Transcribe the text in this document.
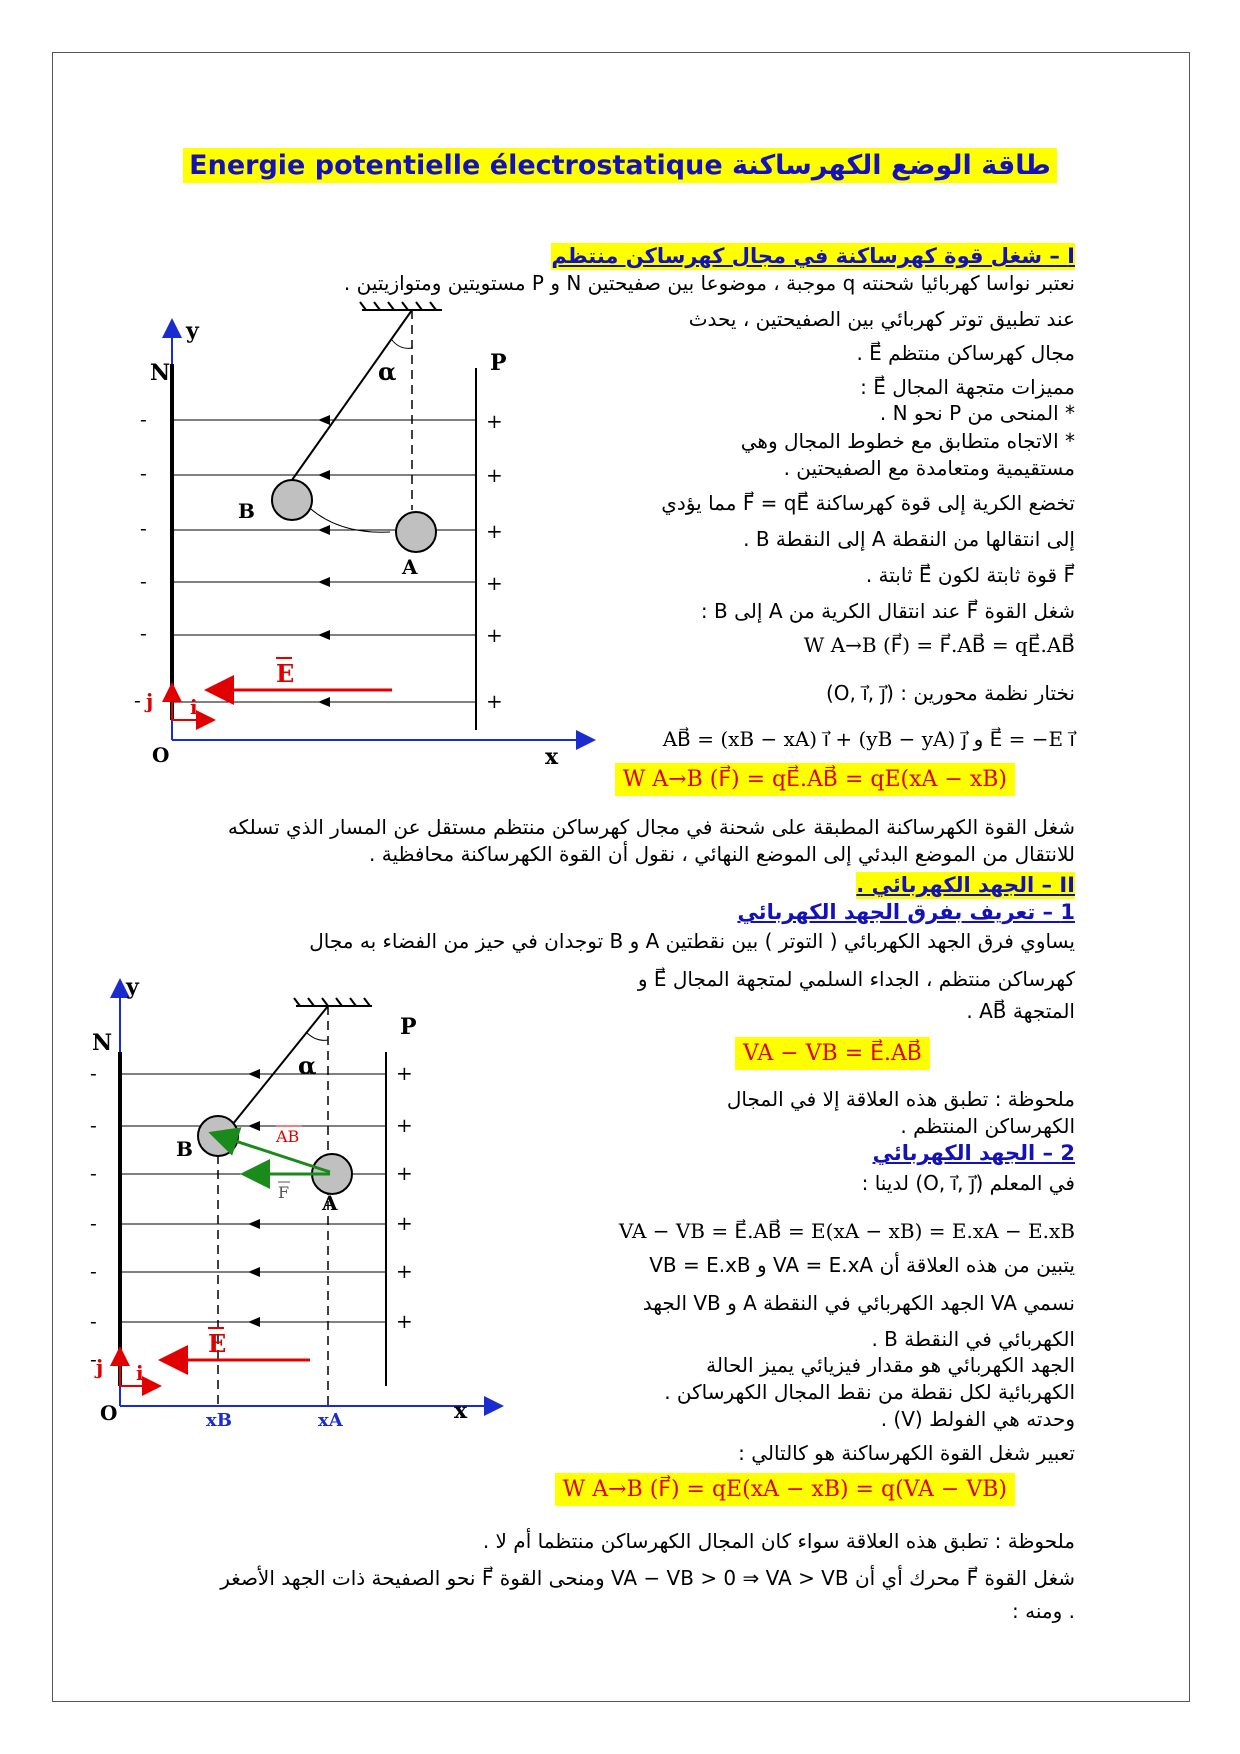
Energie potentielle électrostatique طاقة الوضع الكهرساكنة
I – شغل قوة كهرساكنة في مجال كهرساكن منتظم
نعتبر نواسا كهربائيا شحنته q موجبة ، موضوعا بين صفيحتين N و P مستويتين ومتوازيتين .
عند تطبيق توتر كهربائي بين الصفيحتين ، يحدث
مجال كهرساكن منتظم E⃗ .
مميزات متجهة المجال E⃗ :
* المنحى من P نحو N .
* الاتجاه متطابق مع خطوط المجال وهي
مستقيمية ومتعامدة مع الصفيحتين .
تخضع الكرية إلى قوة كهرساكنة F⃗ = qE⃗ مما يؤدي
إلى انتقالها من النقطة A إلى النقطة B .
F⃗ قوة ثابتة لكون E⃗ ثابتة .
شغل القوة F⃗ عند انتقال الكرية من A إلى B :
W A→B (F⃗) = F⃗.AB⃗ = qE⃗.AB⃗
نختار نظمة محورين : (O, i⃗, j⃗)
AB⃗ = (xB − xA) i⃗ + (yB − yA) j⃗ و E⃗ = −E i⃗
W A→B (F⃗) = qE⃗.AB⃗ = qE(xA − xB)
شغل القوة الكهرساكنة المطبقة على شحنة في مجال كهرساكن منتظم مستقل عن المسار الذي تسلكه للانتقال من الموضع البدئي إلى الموضع النهائي ، نقول أن القوة الكهرساكنة محافظية .
II – الجهد الكهربائي .
1 – تعريف بفرق الجهد الكهربائي
يساوي فرق الجهد الكهربائي ( التوتر ) بين نقطتين A و B توجدان في حيز من الفضاء به مجال
كهرساكن منتظم ، الجداء السلمي لمتجهة المجال E⃗ و
المتجهة AB⃗ .
VA − VB = E⃗.AB⃗
ملحوظة : تطبق هذه العلاقة إلا في المجال الكهرساكن المنتظم .
2 – الجهد الكهربائي
في المعلم (O, i⃗, j⃗) لدينا :
VA − VB = E⃗.AB⃗ = E(xA − xB) = E.xA − E.xB
يتبين من هذه العلاقة أن VA = E.xA و VB = E.xB
نسمي VA الجهد الكهربائي في النقطة A و VB الجهد
الكهربائي في النقطة B .
الجهد الكهربائي هو مقدار فيزيائي يميز الحالة الكهربائية لكل نقطة من نقط المجال الكهرساكن . وحدته هي الفولط (V) .
تعبير شغل القوة الكهرساكنة هو كالتالي :
W A→B (F⃗) = qE(xA − xB) = q(VA − VB)
ملحوظة : تطبق هذه العلاقة سواء كان المجال الكهرساكن منتظما أم لا .
شغل القوة F⃗ محرك أي أن VA − VB > 0 ⇒ VA > VB ومنحى القوة F⃗ نحو الصفيحة ذات الجهد الأصغر
. ومنه :
y
x
O
N	P
-
-
-
-
-
-
+
+
+
+
+
+
α
B
A
E
i
j
y
x
O
N
P
-
-
-
-
-
-
-
+
+
+
+
+
+
α
B
A
AB
F
E
i
j
xB	xA
